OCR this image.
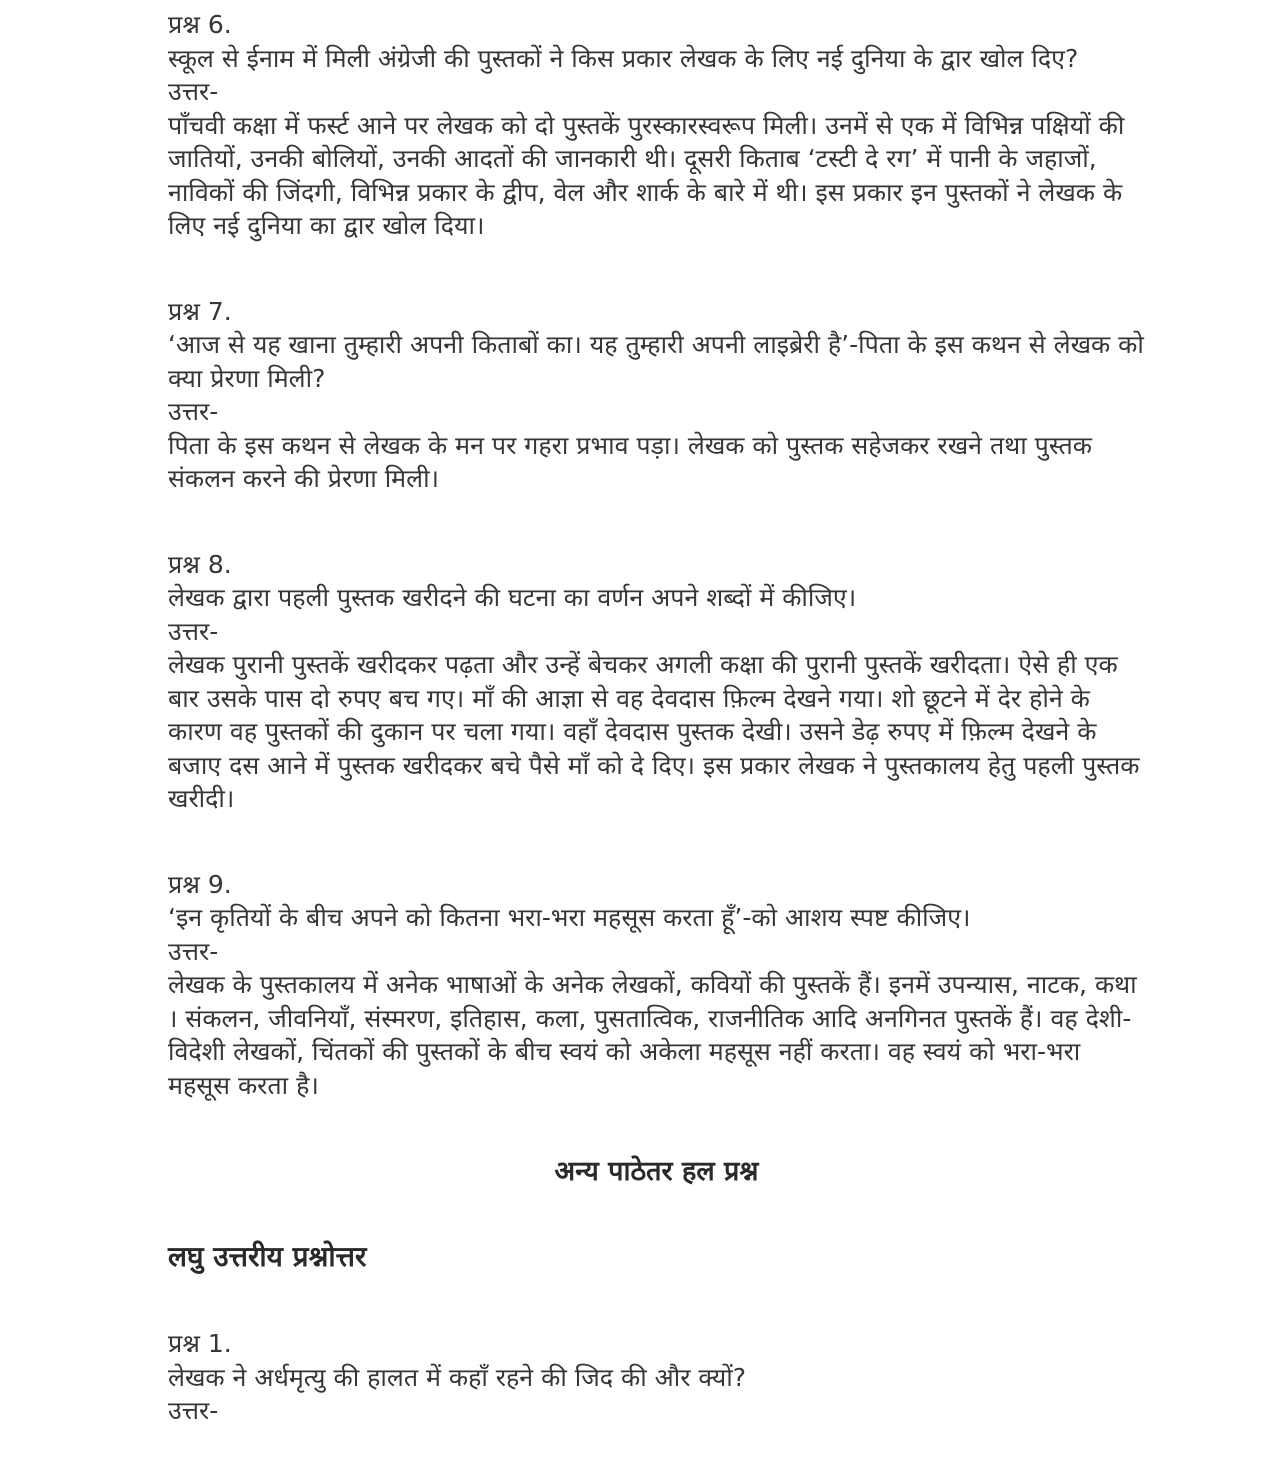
प्रश्न 6.
स्कूल से ईनाम में मिली अंग्रेजी की पुस्तकों ने किस प्रकार लेखक के लिए नई दुनिया के द्वार खोल दिए?
उत्तर-

पाँचवी कक्षा में फर्स्ट आने पर लेखक को दो पुस्तकें पुरस्कारस्वरूप मिली। उनमें से एक में विभिन्न पक्षियों की जातियों, उनकी बोलियों, उनकी आदतों की जानकारी थी। दूसरी किताब ‘टस्टी दे रग’ में पानी के जहाजों, नाविकों की जिंदगी, विभिन्न प्रकार के द्वीप, वेल और शार्क के बारे में थी। इस प्रकार इन पुस्तकों ने लेखक के लिए नई दुनिया का द्वार खोल दिया।

प्रश्न 7.
‘आज से यह खाना तुम्हारी अपनी किताबों का। यह तुम्हारी अपनी लाइब्रेरी है’-पिता के इस कथन से लेखक को क्या प्रेरणा मिली?
उत्तर-

पिता के इस कथन से लेखक के मन पर गहरा प्रभाव पड़ा। लेखक को पुस्तक सहेजकर रखने तथा पुस्तक संकलन करने की प्रेरणा मिली।

प्रश्न 8.
लेखक द्वारा पहली पुस्तक खरीदने की घटना का वर्णन अपने शब्दों में कीजिए।
उत्तर-

लेखक पुरानी पुस्तकें खरीदकर पढ़ता और उन्हें बेचकर अगली कक्षा की पुरानी पुस्तकें खरीदता। ऐसे ही एक बार उसके पास दो रुपए बच गए। माँ की आज्ञा से वह देवदास फ़िल्म देखने गया। शो छूटने में देर होने के कारण वह पुस्तकों की दुकान पर चला गया। वहाँ देवदास पुस्तक देखी। उसने डेढ़ रुपए में फ़िल्म देखने के बजाए दस आने में पुस्तक खरीदकर बचे पैसे माँ को दे दिए। इस प्रकार लेखक ने पुस्तकालय हेतु पहली पुस्तक खरीदी।

प्रश्न 9.
‘इन कृतियों के बीच अपने को कितना भरा-भरा महसूस करता हूँ’-को आशय स्पष्ट कीजिए।
उत्तर-

लेखक के पुस्तकालय में अनेक भाषाओं के अनेक लेखकों, कवियों की पुस्तकें हैं। इनमें उपन्यास, नाटक, कथा । संकलन, जीवनियाँ, संस्मरण, इतिहास, कला, पुसतात्विक, राजनीतिक आदि अनगिनत पुस्तकें हैं। वह देशी-विदेशी लेखकों, चिंतकों की पुस्तकों के बीच स्वयं को अकेला महसूस नहीं करता। वह स्वयं को भरा-भरा महसूस करता है।

अन्य पाठेतर हल प्रश्न
लघु उत्तरीय प्रश्नोत्तर
प्रश्न 1.
लेखक ने अर्धमृत्यु की हालत में कहाँ रहने की जिद की और क्यों?
उत्तर-
